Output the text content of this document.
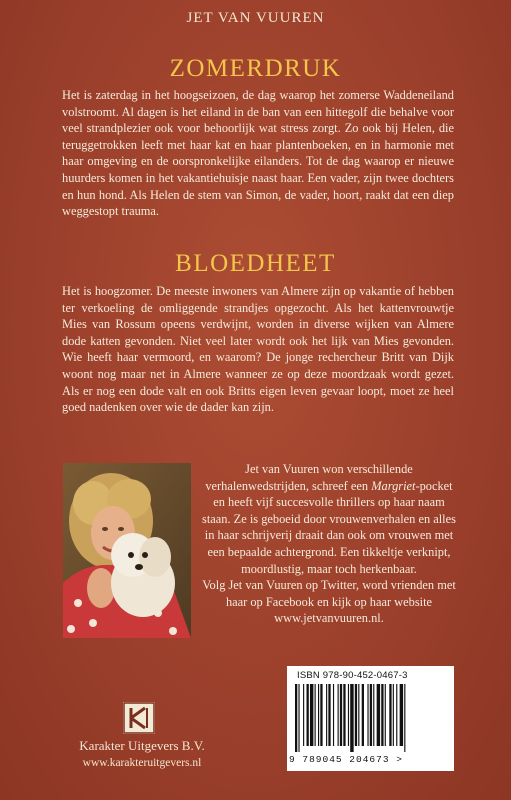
JET VAN VUUREN
ZOMERDRUK
Het is zaterdag in het hoogseizoen, de dag waarop het zomerse Waddeneiland volstroomt. Al dagen is het eiland in de ban van een hittegolf die behalve voor veel strandplezier ook voor behoorlijk wat stress zorgt. Zo ook bij Helen, die teruggetrokken leeft met haar kat en haar plantenboeken, en in harmonie met haar omgeving en de oorspronkelijke eilanders. Tot de dag waarop er nieuwe huurders komen in het vakantiehuisje naast haar. Een vader, zijn twee dochters en hun hond. Als Helen de stem van Simon, de vader, hoort, raakt dat een diep weggestopt trauma.
BLOEDHEET
Het is hoogzomer. De meeste inwoners van Almere zijn op vakantie of hebben ter verkoeling de omliggende strandjes opgezocht. Als het kattenvrouwtje Mies van Rossum opeens verdwijnt, worden in diverse wijken van Almere dode katten gevonden. Niet veel later wordt ook het lijk van Mies gevonden. Wie heeft haar vermoord, en waarom? De jonge rechercheur Britt van Dijk woont nog maar net in Almere wanneer ze op deze moordzaak wordt gezet. Als er nog een dode valt en ook Britts eigen leven gevaar loopt, moet ze heel goed nadenken over wie de dader kan zijn.

Jet van Vuuren won verschillende verhalenwedstrijden, schreef een Margriet-pocket en heeft vijf succesvolle thrillers op haar naam staan. Ze is geboeid door vrouwenverhalen en alles in haar schrijverij draait dan ook om vrouwen met een bepaalde achtergrond. Een tikkeltje verknipt, moordlustig, maar toch herkenbaar.

Volg Jet van Vuuren op Twitter, word vrienden met haar op Facebook en kijk op haar website www.jetvanvuuren.nl.

Karakter Uitgevers B.V.
www.karakteruitgevers.nl
ISBN 978-90-452-0467-3
9 789045 204673 >
